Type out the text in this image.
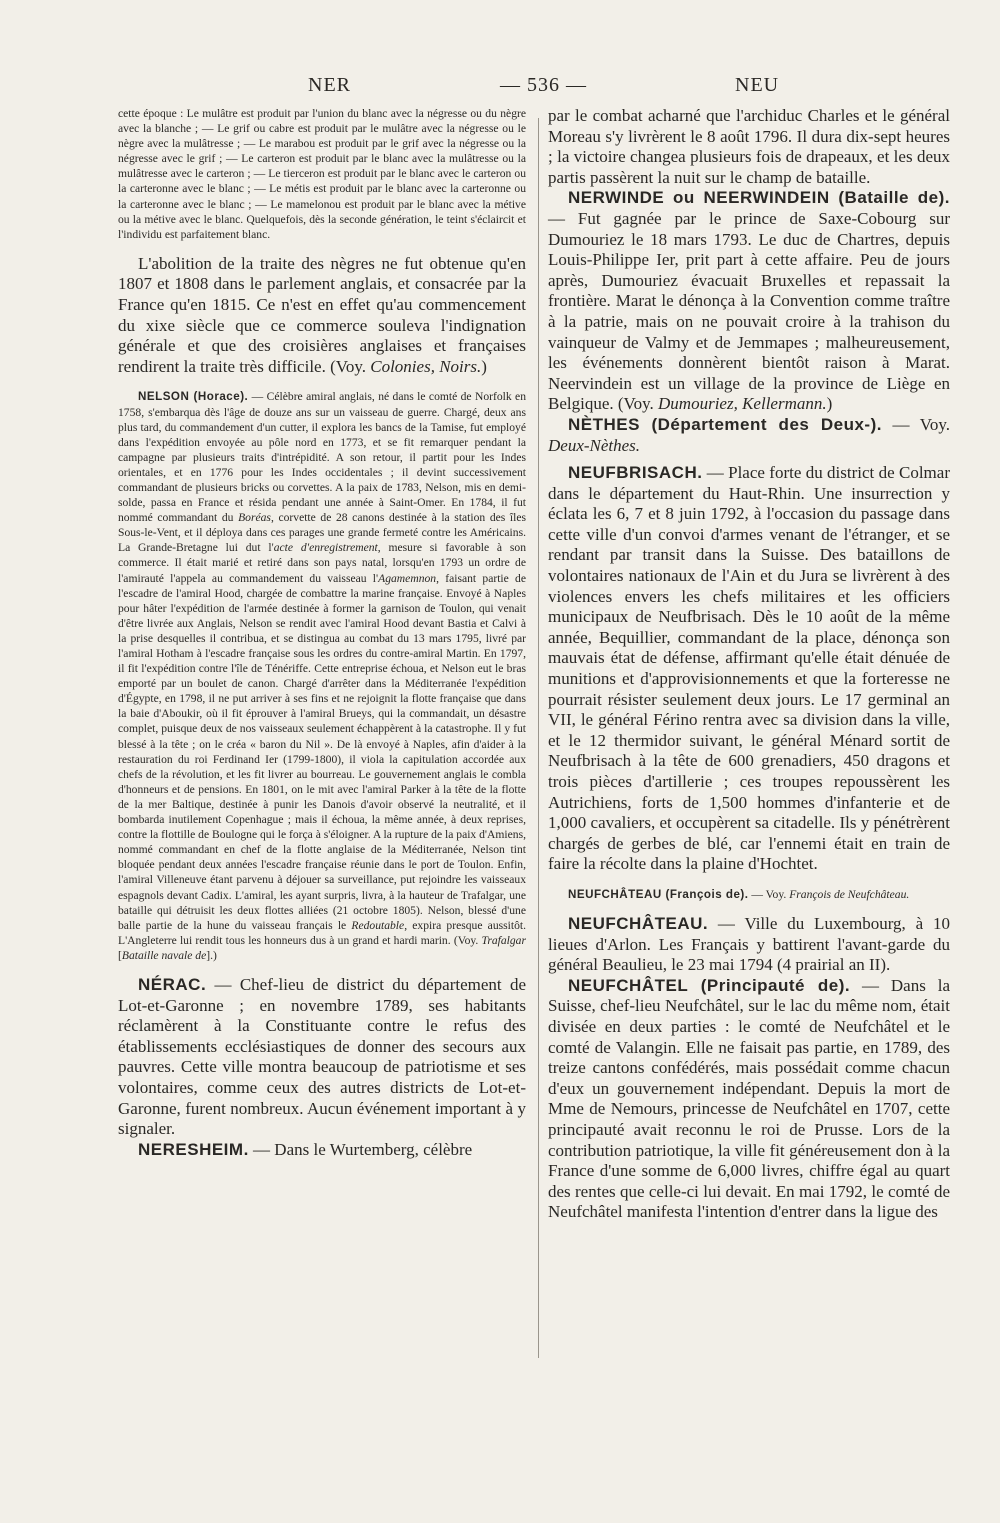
NER	— 536 —	NEU

cette époque : Le mulâtre est produit par l'union du blanc avec la négresse ou du nègre avec la blanche ; — Le grif ou cabre est produit par le mulâtre avec la négresse ou le nègre avec la mulâtresse ; — Le marabou est produit par le grif avec la négresse ou la négresse avec le grif ; — Le carteron est produit par le blanc avec la mulâtresse ou la mulâtresse avec le carteron ; — Le tierceron est produit par le blanc avec le carteron ou la carteronne avec le blanc ; — Le métis est produit par le blanc avec la carteronne ou la carteronne avec le blanc ; — Le mamelonou est produit par le blanc avec la métive ou la métive avec le blanc. Quelquefois, dès la seconde génération, le teint s'éclaircit et l'individu est parfaitement blanc.

L'abolition de la traite des nègres ne fut obtenue qu'en 1807 et 1808 dans le parlement anglais, et consacrée par la France qu'en 1815. Ce n'est en effet qu'au commencement du xixe siècle que ce commerce souleva l'indignation générale et que des croisières anglaises et françaises rendirent la traite très difficile. (Voy. Colonies, Noirs.)

NELSON (Horace). — Célèbre amiral anglais, né dans le comté de Norfolk en 1758, s'embarqua dès l'âge de douze ans sur un vaisseau de guerre. Chargé, deux ans plus tard, du commandement d'un cutter, il explora les bancs de la Tamise, fut employé dans l'expédition envoyée au pôle nord en 1773, et se fit remarquer pendant la campagne par plusieurs traits d'intrépidité. A son retour, il partit pour les Indes orientales, et en 1776 pour les Indes occidentales ; il devint successivement commandant de plusieurs bricks ou corvettes. A la paix de 1783, Nelson, mis en demi-solde, passa en France et résida pendant une année à Saint-Omer. En 1784, il fut nommé commandant du Boréas, corvette de 28 canons destinée à la station des îles Sous-le-Vent, et il déploya dans ces parages une grande fermeté contre les Américains. La Grande-Bretagne lui dut l'acte d'enregistrement, mesure si favorable à son commerce. Il était marié et retiré dans son pays natal, lorsqu'en 1793 un ordre de l'amirauté l'appela au commandement du vaisseau l'Agamemnon, faisant partie de l'escadre de l'amiral Hood, chargée de combattre la marine française. Envoyé à Naples pour hâter l'expédition de l'armée destinée à former la garnison de Toulon, qui venait d'être livrée aux Anglais, Nelson se rendit avec l'amiral Hood devant Bastia et Calvi à la prise desquelles il contribua, et se distingua au combat du 13 mars 1795, livré par l'amiral Hotham à l'escadre française sous les ordres du contre-amiral Martin. En 1797, il fit l'expédition contre l'île de Ténériffe. Cette entreprise échoua, et Nelson eut le bras emporté par un boulet de canon. Chargé d'arrêter dans la Méditerranée l'expédition d'Égypte, en 1798, il ne put arriver à ses fins et ne rejoignit la flotte française que dans la baie d'Aboukir, où il fit éprouver à l'amiral Brueys, qui la commandait, un désastre complet, puisque deux de nos vaisseaux seulement échappèrent à la catastrophe. Il y fut blessé à la tête ; on le créa « baron du Nil ». De là envoyé à Naples, afin d'aider à la restauration du roi Ferdinand Ier (1799-1800), il viola la capitulation accordée aux chefs de la révolution, et les fit livrer au bourreau. Le gouvernement anglais le combla d'honneurs et de pensions. En 1801, on le mit avec l'amiral Parker à la tête de la flotte de la mer Baltique, destinée à punir les Danois d'avoir observé la neutralité, et il bombarda inutilement Copenhague ; mais il échoua, la même année, à deux reprises, contre la flottille de Boulogne qui le força à s'éloigner. A la rupture de la paix d'Amiens, nommé commandant en chef de la flotte anglaise de la Méditerranée, Nelson tint bloquée pendant deux années l'escadre française réunie dans le port de Toulon. Enfin, l'amiral Villeneuve étant parvenu à déjouer sa surveillance, put rejoindre les vaisseaux espagnols devant Cadix. L'amiral, les ayant surpris, livra, à la hauteur de Trafalgar, une bataille qui détruisit les deux flottes alliées (21 octobre 1805). Nelson, blessé d'une balle partie de la hune du vaisseau français le Redoutable, expira presque aussitôt. L'Angleterre lui rendit tous les honneurs dus à un grand et hardi marin. (Voy. Trafalgar [Bataille navale de].)

NÉRAC. — Chef-lieu de district du département de Lot-et-Garonne ; en novembre 1789, ses habitants réclamèrent à la Constituante contre le refus des établissements ecclésiastiques de donner des secours aux pauvres. Cette ville montra beaucoup de patriotisme et ses volontaires, comme ceux des autres districts de Lot-et-Garonne, furent nombreux. Aucun événement important à y signaler.

NERESHEIM. — Dans le Wurtemberg, célèbre

par le combat acharné que l'archiduc Charles et le général Moreau s'y livrèrent le 8 août 1796. Il dura dix-sept heures ; la victoire changea plusieurs fois de drapeaux, et les deux partis passèrent la nuit sur le champ de bataille.

NERWINDE ou NEERWINDEIN (Bataille de). — Fut gagnée par le prince de Saxe-Cobourg sur Dumouriez le 18 mars 1793. Le duc de Chartres, depuis Louis-Philippe Ier, prit part à cette affaire. Peu de jours après, Dumouriez évacuait Bruxelles et repassait la frontière. Marat le dénonça à la Convention comme traître à la patrie, mais on ne pouvait croire à la trahison du vainqueur de Valmy et de Jemmapes ; malheureusement, les événements donnèrent bientôt raison à Marat. Neervindein est un village de la province de Liège en Belgique. (Voy. Dumouriez, Kellermann.)

NÈTHES (Département des Deux-). — Voy. Deux-Nèthes.

NEUFBRISACH. — Place forte du district de Colmar dans le département du Haut-Rhin. Une insurrection y éclata les 6, 7 et 8 juin 1792, à l'occasion du passage dans cette ville d'un convoi d'armes venant de l'étranger, et se rendant par transit dans la Suisse. Des bataillons de volontaires nationaux de l'Ain et du Jura se livrèrent à des violences envers les chefs militaires et les officiers municipaux de Neufbrisach. Dès le 10 août de la même année, Bequillier, commandant de la place, dénonça son mauvais état de défense, affirmant qu'elle était dénuée de munitions et d'approvisionnements et que la forteresse ne pourrait résister seulement deux jours. Le 17 germinal an VII, le général Férino rentra avec sa division dans la ville, et le 12 thermidor suivant, le général Ménard sortit de Neufbrisach à la tête de 600 grenadiers, 450 dragons et trois pièces d'artillerie ; ces troupes repoussèrent les Autrichiens, forts de 1,500 hommes d'infanterie et de 1,000 cavaliers, et occupèrent sa citadelle. Ils y pénétrèrent chargés de gerbes de blé, car l'ennemi était en train de faire la récolte dans la plaine d'Hochtet.

NEUFCHÂTEAU (François de). — Voy. François de Neufchâteau.

NEUFCHÂTEAU. — Ville du Luxembourg, à 10 lieues d'Arlon. Les Français y battirent l'avant-garde du général Beaulieu, le 23 mai 1794 (4 prairial an II).

NEUFCHÂTEL (Principauté de). — Dans la Suisse, chef-lieu Neufchâtel, sur le lac du même nom, était divisée en deux parties : le comté de Neufchâtel et le comté de Valangin. Elle ne faisait pas partie, en 1789, des treize cantons confédérés, mais possédait comme chacun d'eux un gouvernement indépendant. Depuis la mort de Mme de Nemours, princesse de Neufchâtel en 1707, cette principauté avait reconnu le roi de Prusse. Lors de la contribution patriotique, la ville fit généreusement don à la France d'une somme de 6,000 livres, chiffre égal au quart des rentes que celle-ci lui devait. En mai 1792, le comté de Neufchâtel manifesta l'intention d'entrer dans la ligue des
